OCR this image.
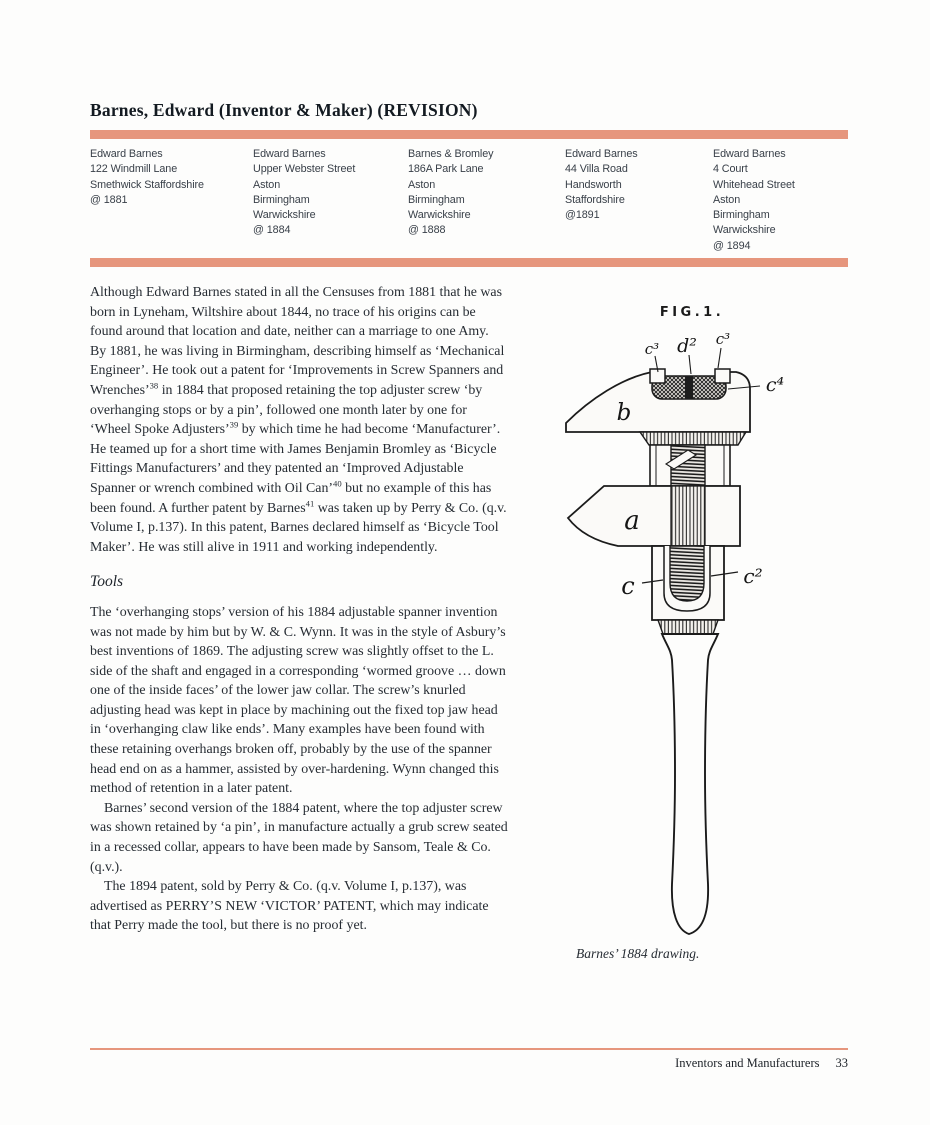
Barnes, Edward (Inventor & Maker) (REVISION)
Edward Barnes
122 Windmill Lane
Smethwick Staffordshire
@ 1881
Edward Barnes
Upper Webster Street
Aston
Birmingham
Warwickshire
@ 1884
Barnes & Bromley
186A Park Lane
Aston
Birmingham
Warwickshire
@ 1888
Edward Barnes
44 Villa Road
Handsworth
Staffordshire
@1891
Edward Barnes
4 Court
Whitehead Street
Aston
Birmingham
Warwickshire
@ 1894

Although Edward Barnes stated in all the Censuses from 1881 that he was born in Lyneham, Wiltshire about 1844, no trace of his origins can be found around that location and date, neither can a marriage to one Amy. By 1881, he was living in Birmingham, describing himself as ‘Mechanical Engineer’. He took out a patent for ‘Improvements in Screw Spanners and Wrenches’$^{38}$ in 1884 that proposed retaining the top adjuster screw ‘by overhanging stops or by a pin’, followed one month later by one for ‘Wheel Spoke Adjusters’$^{39}$ by which time he had become ‘Manufacturer’. He teamed up for a short time with James Benjamin Bromley as ‘Bicycle Fittings Manufacturers’ and they patented an ‘Improved Adjustable Spanner or wrench combined with Oil Can’$^{40}$ but no example of this has been found. A further patent by Barnes$^{41}$ was taken up by Perry & Co. (q.v. Volume I, p.137). In this patent, Barnes declared himself as ‘Bicycle Tool Maker’. He was still alive in 1911 and working independently.

Tools

The ‘overhanging stops’ version of his 1884 adjustable spanner invention was not made by him but by W. & C. Wynn. It was in the style of Asbury’s best inventions of 1869. The adjusting screw was slightly offset to the L. side of the shaft and engaged in a corresponding ‘wormed groove … down one of the inside faces’ of the lower jaw collar. The screw’s knurled adjusting head was kept in place by machining out the fixed top jaw head in ‘overhanging claw like ends’. Many examples have been found with these retaining overhangs broken off, probably by the use of the spanner head end on as a hammer, assisted by over-hardening. Wynn changed this method of retention in a later patent.

Barnes’ second version of the 1884 patent, where the top adjuster screw was shown retained by ‘a pin’, in manufacture actually a grub screw seated in a recessed collar, appears to have been made by Sansom, Teale & Co. (q.v.).

The 1894 patent, sold by Perry & Co. (q.v. Volume I, p.137), was advertised as PERRY’S NEW ‘VICTOR’ PATENT, which may indicate that Perry made the tool, but there is no proof yet.

FIG.1.
c³ d² c³
c⁴
b
a
c	c²
Barnes’ 1884 drawing.
Inventors and Manufacturers 33
